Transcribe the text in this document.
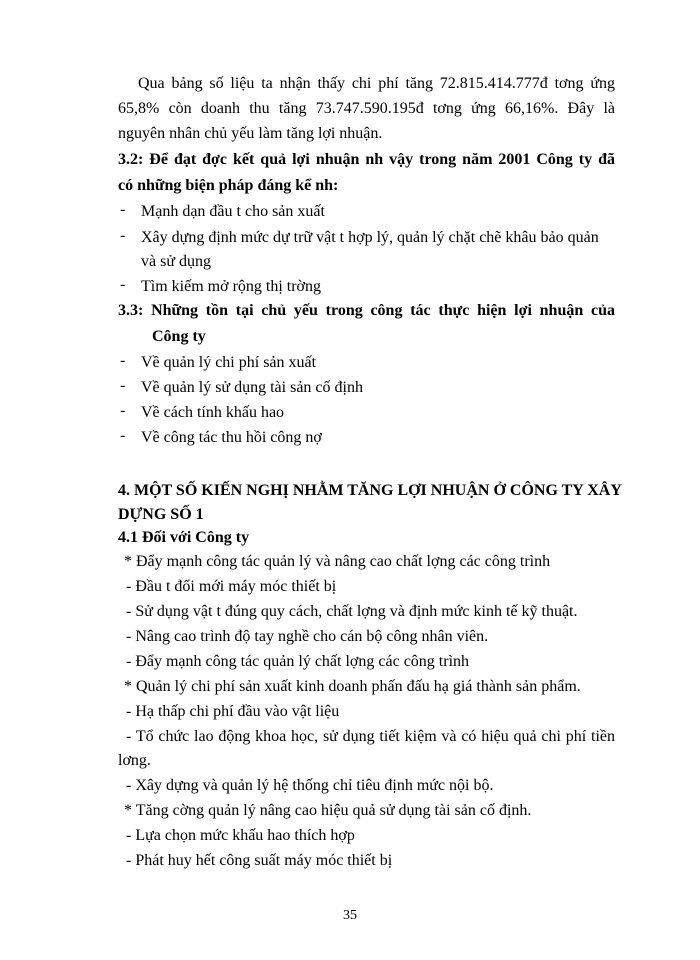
Qua bảng số liệu ta nhận thấy chi phí tăng 72.815.414.777đ tơng ứng
65,8% còn doanh thu tăng 73.747.590.195đ tơng ứng 66,16%. Đây là
nguyên nhân chủ yếu làm tăng lợi nhuận.
3.2: Để đạt đợc kết quả lợi nhuận nh vậy trong năm 2001 Công ty đã
có những biện pháp đáng kể nh:
- Mạnh dạn đầu t cho sản xuất
- Xây dựng định mức dự trữ vật t hợp lý, quản lý chặt chẽ khâu bảo quản
và sử dụng
- Tìm kiếm mở rộng thị trờng
3.3: Những tồn tại chủ yếu trong công tác thực hiện lợi nhuận của
Công ty
- Về quản lý chi phí sản xuất
- Về quản lý sử dụng tài sản cố định
- Về cách tính khấu hao
- Về công tác thu hồi công nợ
4. MỘT SỐ KIẾN NGHỊ NHẰM TĂNG LỢI NHUẬN Ở CÔNG TY XÂY
DỰNG SỐ 1
4.1 Đối với Công ty
* Đẩy mạnh công tác quản lý và nâng cao chất lợng các công trình
- Đầu t đổi mới máy móc thiết bị
- Sử dụng vật t đúng quy cách, chất lợng và định mức kinh tế kỹ thuật.
- Nâng cao trình độ tay nghề cho cán bộ công nhân viên.
- Đẩy mạnh công tác quản lý chất lợng các công trình
* Quản lý chi phí sản xuất kinh doanh phấn đấu hạ giá thành sản phẩm.
- Hạ thấp chi phí đầu vào vật liệu
- Tổ chức lao động khoa học, sử dụng tiết kiệm và có hiệu quả chi phí tiền
lơng.
- Xây dựng và quản lý hệ thống chỉ tiêu định mức nội bộ.
* Tăng cờng quản lý nâng cao hiệu quả sử dụng tài sản cố định.
- Lựa chọn mức khấu hao thích hợp
- Phát huy hết công suất máy móc thiết bị
35
